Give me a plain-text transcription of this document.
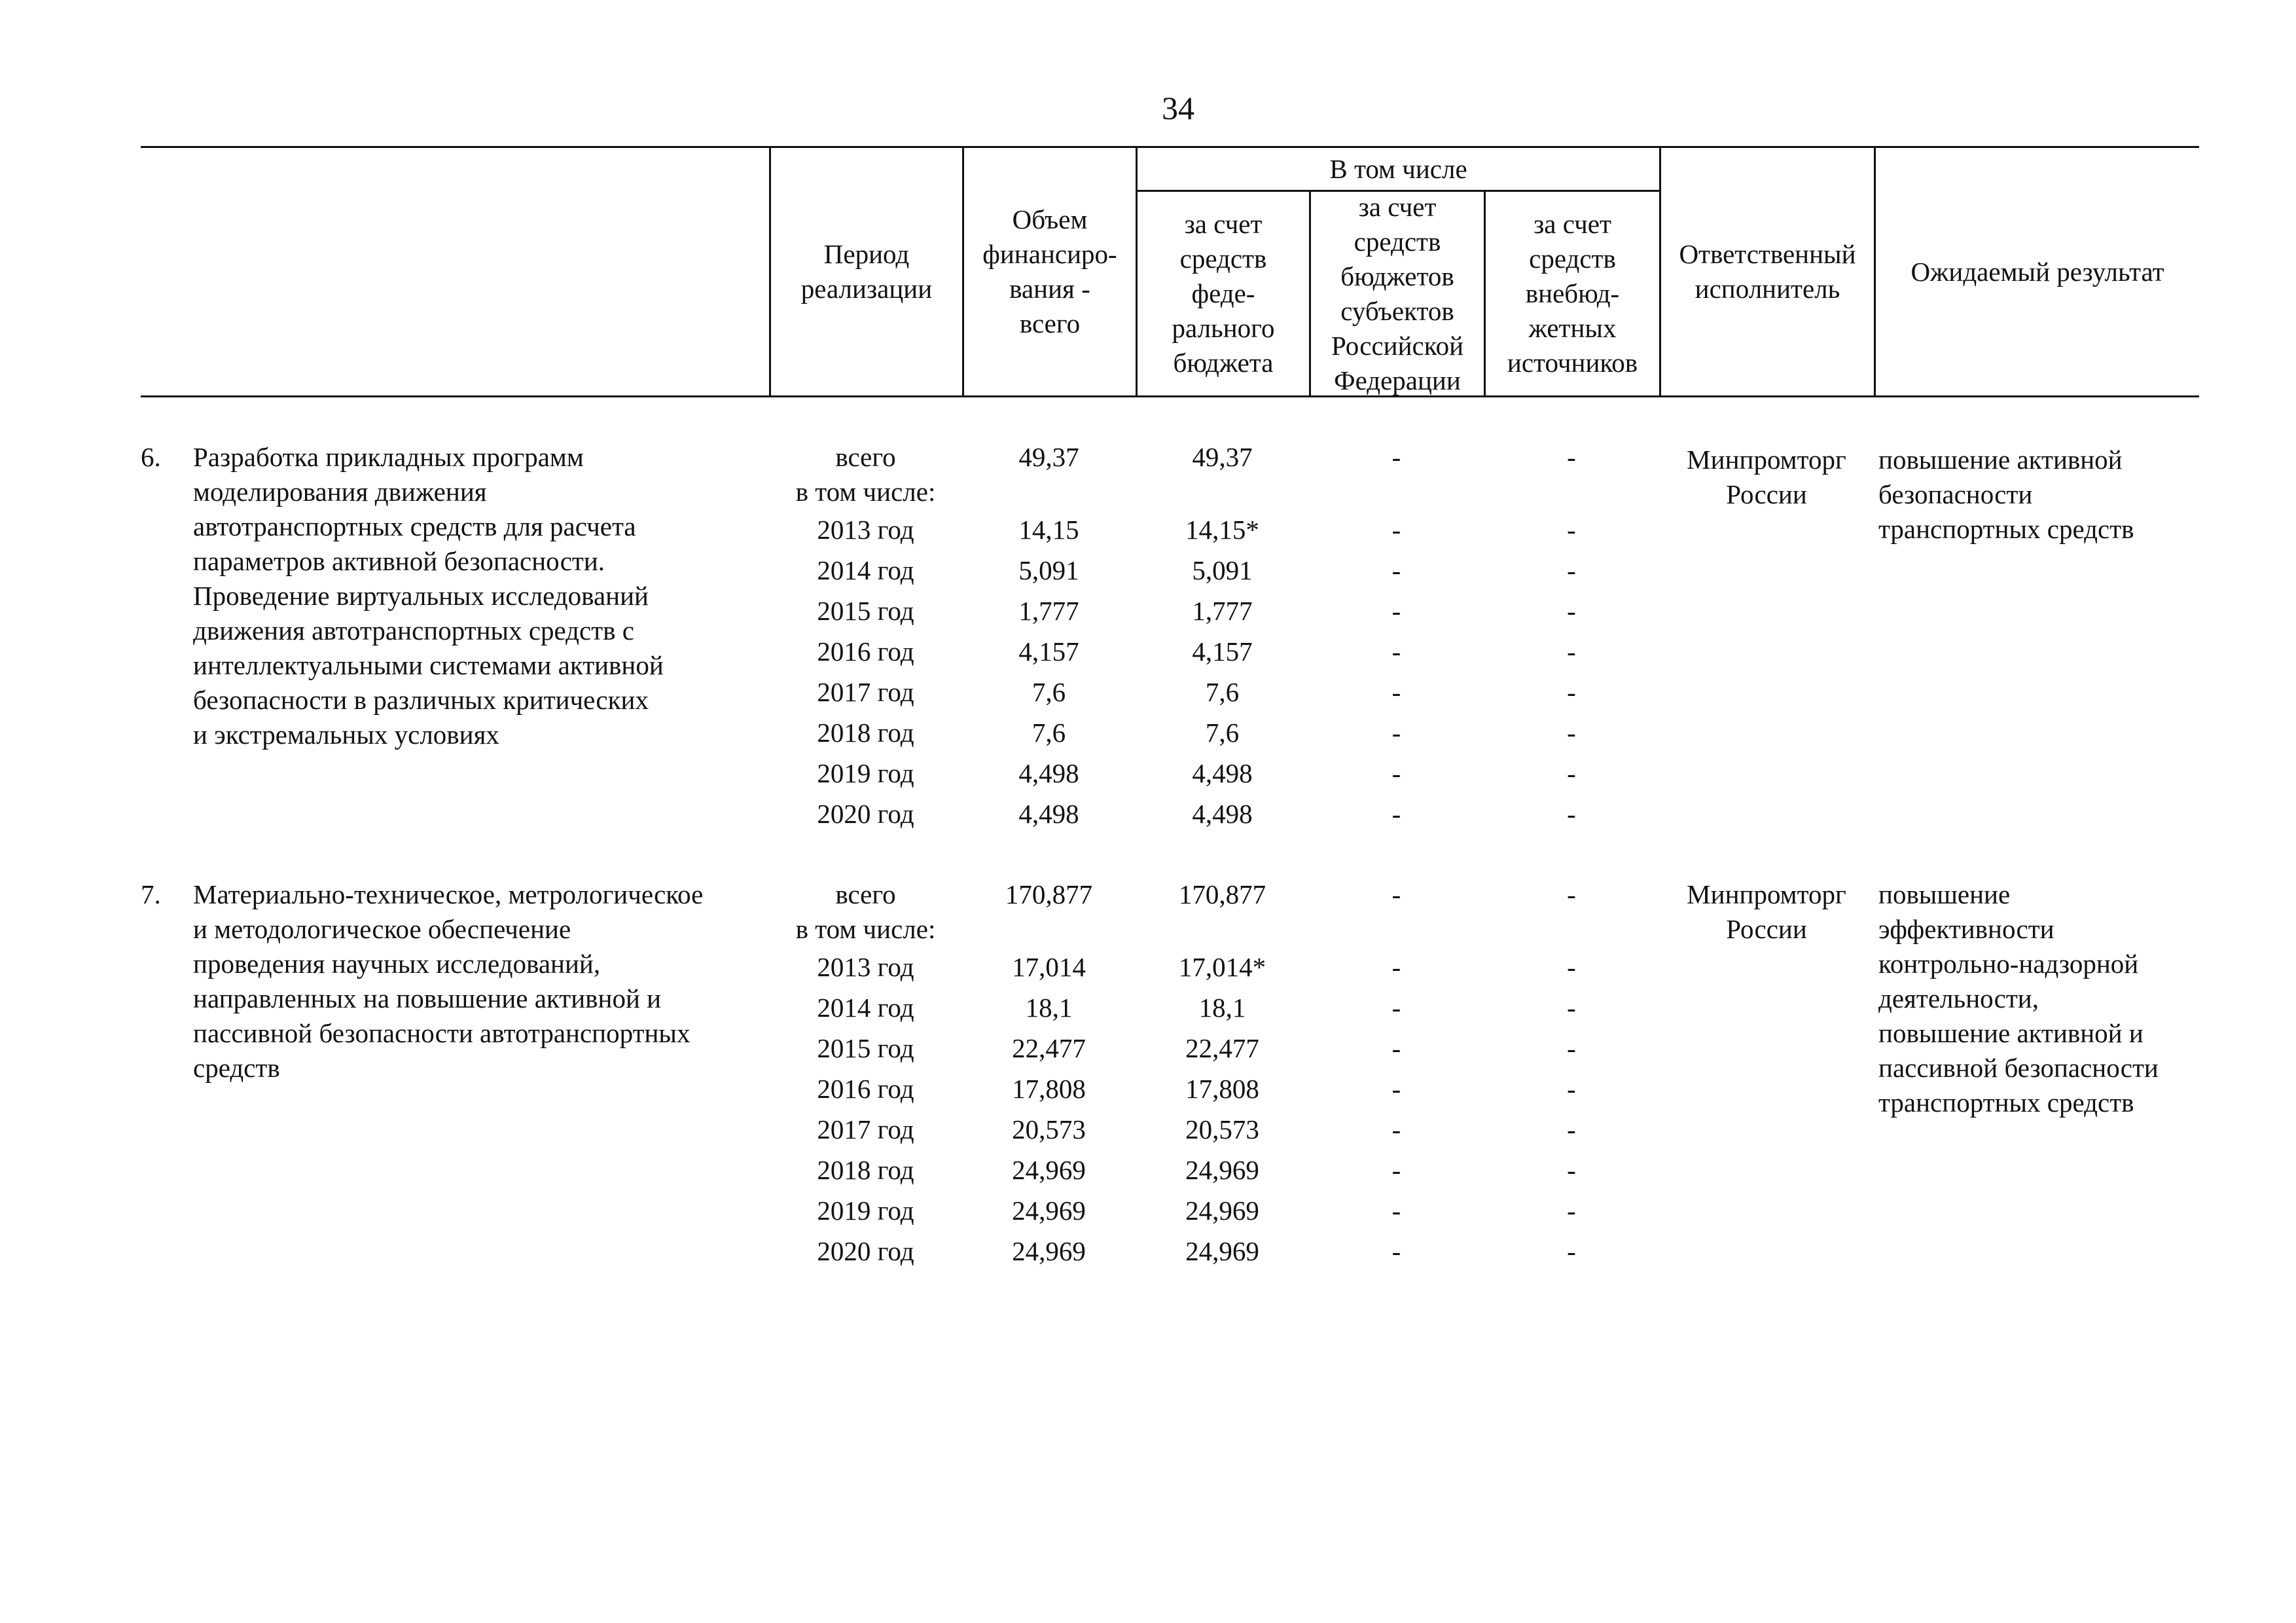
34
Период
реализации
Объем
финансиро-
вания -
всего
В том числе
за счет
средств
феде-
рального
бюджета
за счет
средств
бюджетов
субъектов
Российской
Федерации
за счет
средств
внебюд-
жетных
источников
Ответственный
исполнитель
Ожидаемый результат
6.	Разработка прикладных программ
моделирования движения
автотранспортных средств для расчета
параметров активной безопасности.
Проведение виртуальных исследований
движения автотранспортных средств с
интеллектуальными системами активной
безопасности в различных критических
и экстремальных условиях
всего
в том числе:
2013 год
2014 год
2015 год
2016 год
2017 год
2018 год
2019 год
2020 год
49,37
14,15
5,091
1,777
4,157
7,6
7,6
4,498
4,498
49,37
14,15*
5,091
1,777
4,157
7,6
7,6
4,498
4,498
-
-
-
-
-
-
-
-
-
-
-
-
-
-
-
-
-
-
Минпромторг
России
повышение активной
безопасности
транспортных средств
7.	Материально-техническое, метрологическое
и методологическое обеспечение
проведения научных исследований,
направленных на повышение активной и
пассивной безопасности автотранспортных
средств
всего
в том числе:
2013 год
2014 год
2015 год
2016 год
2017 год
2018 год
2019 год
2020 год
170,877
17,014
18,1
22,477
17,808
20,573
24,969
24,969
24,969
170,877
17,014*
18,1
22,477
17,808
20,573
24,969
24,969
24,969
-
-
-
-
-
-
-
-
-
-
-
-
-
-
-
-
-
-
Минпромторг
России
повышение
эффективности
контрольно-надзорной
деятельности,
повышение активной и
пассивной безопасности
транспортных средств
